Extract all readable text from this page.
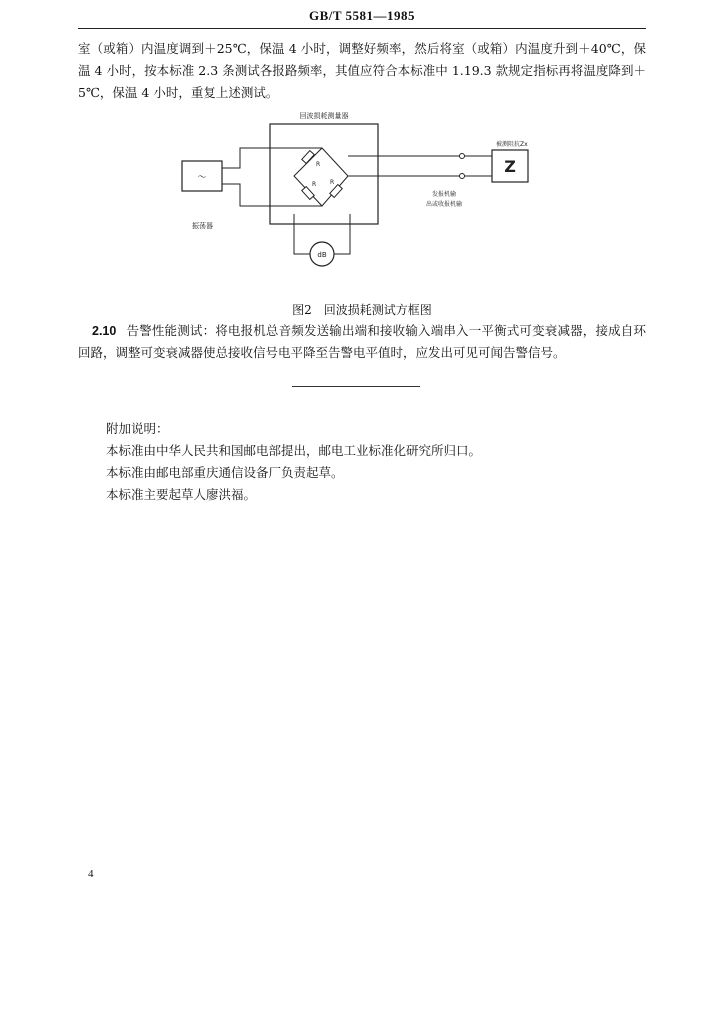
GB/T 5581—1985

室（或箱）内温度调到＋25℃，保温 4 小时，调整好频率，然后将室（或箱）内温度升到＋40℃，保温 4 小时，按本标准 2.3 条测试各报路频率，其值应符合本标准中 1.19.3 款规定指标再将温度降到＋5℃，保温 4 小时，重复上述测试。

回波损耗测量器
～
振荡器
R
R R
Z
被测阻抗Zx
发报机输
出或收报机输
dB
图2　回波损耗测试方框图

2.10 告警性能测试：将电报机总音频发送输出端和接收输入端串入一平衡式可变衰减器，接成自环回路，调整可变衰减器使总接收信号电平降至告警电平值时，应发出可见可闻告警信号。

附加说明：
本标准由中华人民共和国邮电部提出，邮电工业标准化研究所归口。
本标准由邮电部重庆通信设备厂负责起草。
本标准主要起草人廖洪福。
4
